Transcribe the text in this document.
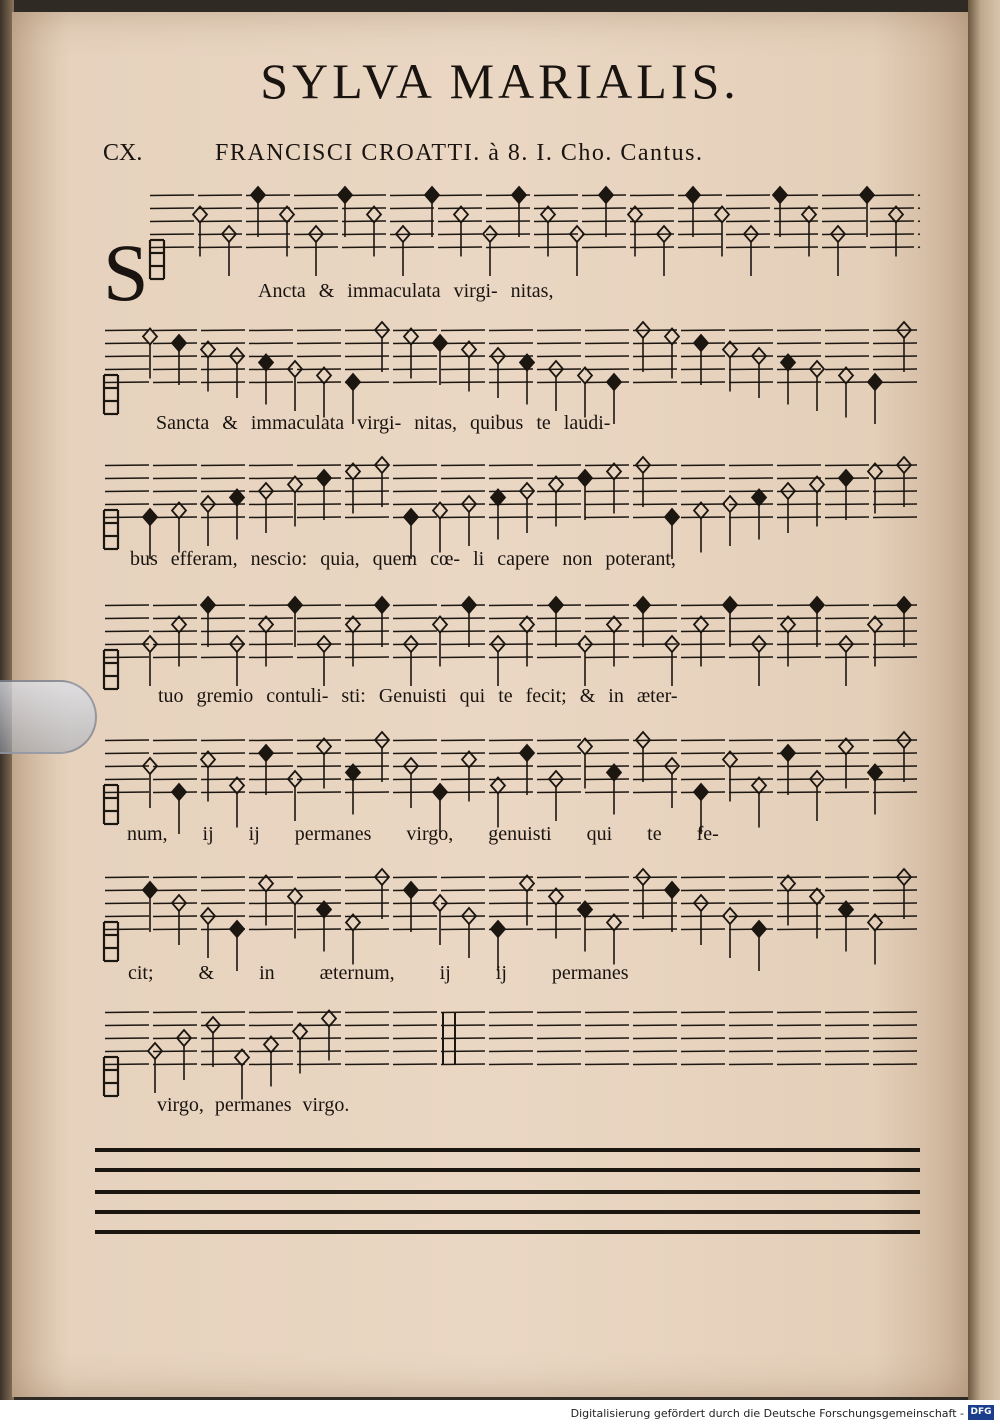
SYLVA MARIALIS.
CX.	FRANCISCI CROATTI. à 8. I. Cho. Cantus.
S	Ancta & immaculata virgi- nitas,
Sancta & immaculata virgi- nitas, quibus te laudi-
bus efferam, nescio: quia, quem cœ- li capere non poterant,
tuo gremio contuli- sti: Genuisti qui te fecit; & in æter-
num, ij ij permanes virgo, genuisti qui te fe-
cit; & in æternum, ij ij permanes
virgo, permanes virgo.
Digitalisierung gefördert durch die Deutsche Forschungsgemeinschaft - DFG
